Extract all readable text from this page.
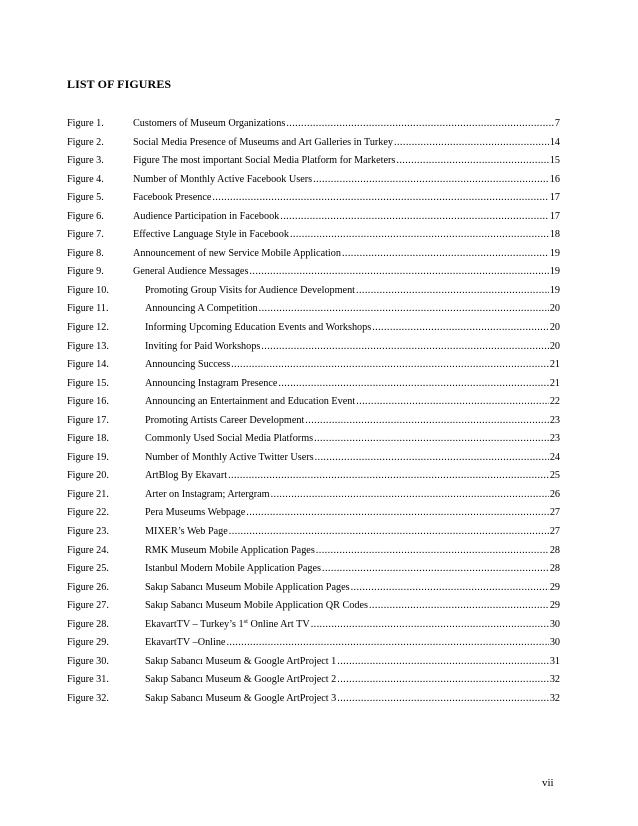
LIST OF FIGURES
Figure 1.	Customers of Museum Organizations .....	7
Figure 2.	Social Media Presence of Museums and Art Galleries in Turkey .....	14
Figure 3.	Figure The most important Social Media Platform for Marketers .....	15
Figure 4.	Number of Monthly Active Facebook Users .....	16
Figure 5.	Facebook Presence .....	17
Figure 6.	Audience Participation in Facebook .....	17
Figure 7.	Effective Language Style in Facebook .....	18
Figure 8.	Announcement of new Service Mobile Application .....	19
Figure 9.	General Audience Messages .....	19
Figure 10.	Promoting Group Visits for Audience Development .....	19
Figure 11.	Announcing A Competition .....	20
Figure 12.	Informing Upcoming Education Events and Workshops .....	20
Figure 13.	Inviting for Paid Workshops .....	20
Figure 14.	Announcing Success .....	21
Figure 15.	Announcing Instagram Presence .....	21
Figure 16.	Announcing an Entertainment and Education Event .....	22
Figure 17.	Promoting Artists Career Development .....	23
Figure 18.	Commonly Used Social Media Platforms .....	23
Figure 19.	Number of Monthly Active Twitter Users .....	24
Figure 20.	ArtBlog By Ekavart .....	25
Figure 21.	Arter on Instagram; Artergram .....	26
Figure 22.	Pera Museums Webpage .....	27
Figure 23.	MIXER’s Web Page .....	27
Figure 24.	RMK Museum Mobile Application Pages .....	28
Figure 25.	Istanbul Modern Mobile Application Pages .....	28
Figure 26.	Sakıp Sabancı Museum Mobile Application Pages .....	29
Figure 27.	Sakıp Sabancı Museum Mobile Application QR Codes .....	29
Figure 28.	EkavartTV – Turkey’s 1st Online Art TV .....	30
Figure 29.	EkavartTV –Online .....	30
Figure 30.	Sakıp Sabancı Museum & Google ArtProject 1 .....	31
Figure 31.	Sakıp Sabancı Museum & Google ArtProject 2 .....	32
Figure 32.	Sakıp Sabancı Museum & Google ArtProject 3 .....	32
vii
